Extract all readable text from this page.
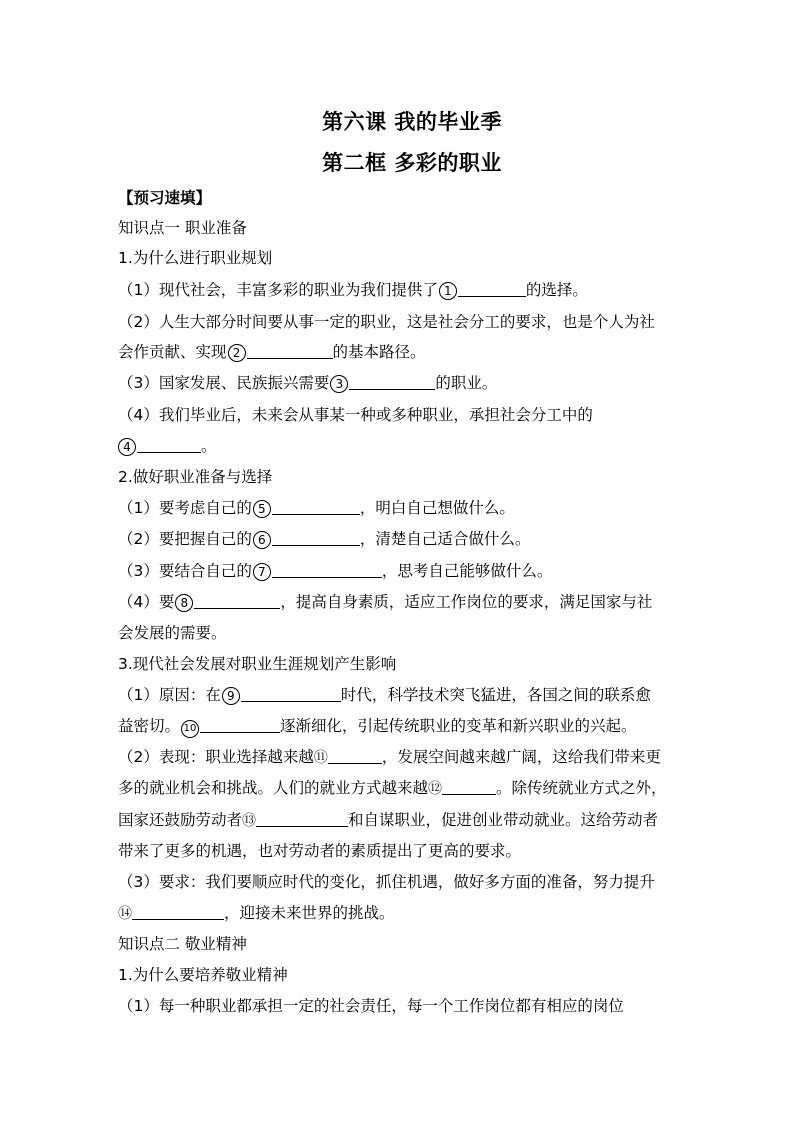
第六课 我的毕业季
第二框 多彩的职业
【预习速填】
知识点一 职业准备
1.为什么进行职业规划
（1）现代社会，丰富多彩的职业为我们提供了 1	的选择。
（2）人生大部分时间要从事一定的职业，这是社会分工的要求，也是个人为社
会作贡献、实现 2	的基本路径。
（3）国家发展、民族振兴需要 3	的职业。
（4）我们毕业后，未来会从事某一种或多种职业，承担社会分工中的
4	。
2.做好职业准备与选择
（1）要考虑自己的 5	，明白自己想做什么。
（2）要把握自己的 6	，清楚自己适合做什么。
（3）要结合自己的 7	，思考自己能够做什么。
（4）要 8	，提高自身素质，适应工作岗位的要求，满足国家与社
会发展的需要。
3.现代社会发展对职业生涯规划产生影响
（1）原因：在 9	时代，科学技术突飞猛进，各国之间的联系愈
益密切。 10	逐渐细化，引起传统职业的变革和新兴职业的兴起。
（2）表现：职业选择越来越⑪	，发展空间越来越广阔，这给我们带来更
多的就业机会和挑战。人们的就业方式越来越⑫	。除传统就业方式之外，
国家还鼓励劳动者⑬	和自谋职业，促进创业带动就业。这给劳动者
带来了更多的机遇，也对劳动者的素质提出了更高的要求。
（3）要求：我们要顺应时代的变化，抓住机遇，做好多方面的准备，努力提升
⑭	，迎接未来世界的挑战。
知识点二 敬业精神
1.为什么要培养敬业精神
（1）每一种职业都承担一定的社会责任，每一个工作岗位都有相应的岗位
